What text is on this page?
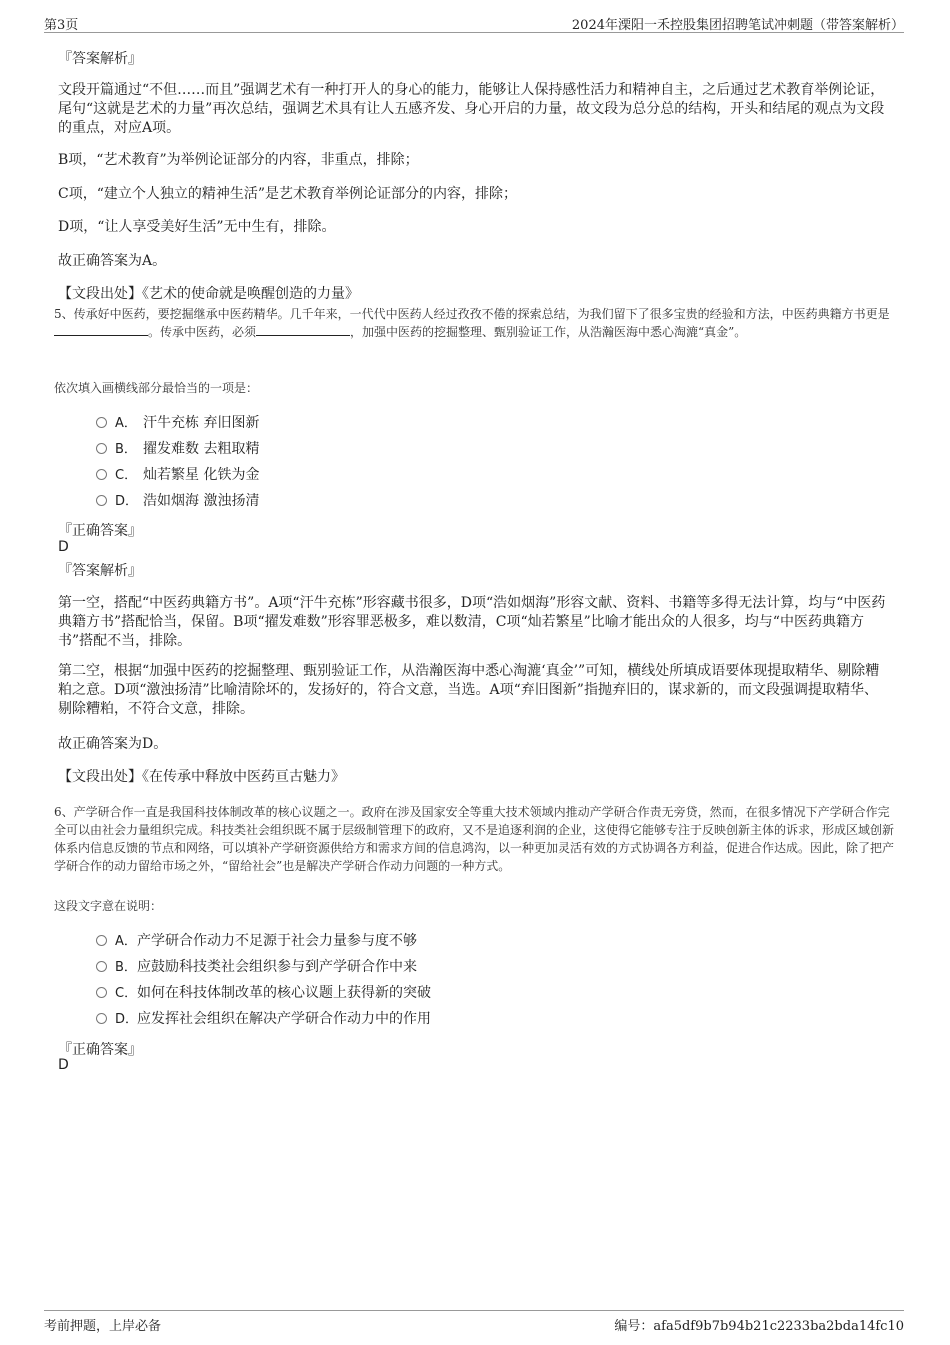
第3页	2024年溧阳一禾控股集团招聘笔试冲刺题（带答案解析）
『答案解析』
文段开篇通过“不但……而且”强调艺术有一种打开人的身心的能力，能够让人保持感性活力和精神自主，之后通过艺术教育举例论证，尾句“这就是艺术的力量”再次总结，强调艺术具有让人五感齐发、身心开启的力量，故文段为总分总的结构，开头和结尾的观点为文段的重点，对应A项。
B项，“艺术教育”为举例论证部分的内容，非重点，排除；
C项，“建立个人独立的精神生活”是艺术教育举例论证部分的内容，排除；
D项，“让人享受美好生活”无中生有，排除。
故正确答案为A。
【文段出处】《艺术的使命就是唤醒创造的力量》
5、传承好中医药，要挖掘继承中医药精华。几千年来，一代代中医药人经过孜孜不倦的探索总结，为我们留下了很多宝贵的经验和方法，中医药典籍方书更是。传承中医药，必须	，加强中医药的挖掘整理、甄别验证工作，从浩瀚医海中悉心淘漉“真金”。
依次填入画横线部分最恰当的一项是：
A． 汗牛充栋 弃旧图新
B． 擢发难数 去粗取精
C． 灿若繁星 化铁为金
D． 浩如烟海 激浊扬清
『正确答案』
D
『答案解析』
第一空，搭配“中医药典籍方书”。A项“汗牛充栋”形容藏书很多，D项“浩如烟海”形容文献、资料、书籍等多得无法计算，均与“中医药典籍方书”搭配恰当，保留。B项“擢发难数”形容罪恶极多，难以数清，C项“灿若繁星”比喻才能出众的人很多，均与“中医药典籍方书”搭配不当，排除。
第二空，根据“加强中医药的挖掘整理、甄别验证工作，从浩瀚医海中悉心淘漉‘真金’”可知，横线处所填成语要体现提取精华、剔除糟粕之意。D项“激浊扬清”比喻清除坏的，发扬好的，符合文意，当选。A项“弃旧图新”指抛弃旧的，谋求新的，而文段强调提取精华、剔除糟粕，不符合文意，排除。
故正确答案为D。
【文段出处】《在传承中释放中医药亘古魅力》
6、产学研合作一直是我国科技体制改革的核心议题之一。政府在涉及国家安全等重大技术领域内推动产学研合作责无旁贷，然而，在很多情况下产学研合作完全可以由社会力量组织完成。科技类社会组织既不属于层级制管理下的政府，又不是追逐利润的企业，这使得它能够专注于反映创新主体的诉求，形成区域创新体系内信息反馈的节点和网络，可以填补产学研资源供给方和需求方间的信息鸿沟，以一种更加灵活有效的方式协调各方利益，促进合作达成。因此，除了把产学研合作的动力留给市场之外，“留给社会”也是解决产学研合作动力问题的一种方式。
这段文字意在说明：
A．产学研合作动力不足源于社会力量参与度不够
B．应鼓励科技类社会组织参与到产学研合作中来
C．如何在科技体制改革的核心议题上获得新的突破
D．应发挥社会组织在解决产学研合作动力中的作用
『正确答案』
D
考前押题，上岸必备	编号：afa5df9b7b94b21c2233ba2bda14fc10
